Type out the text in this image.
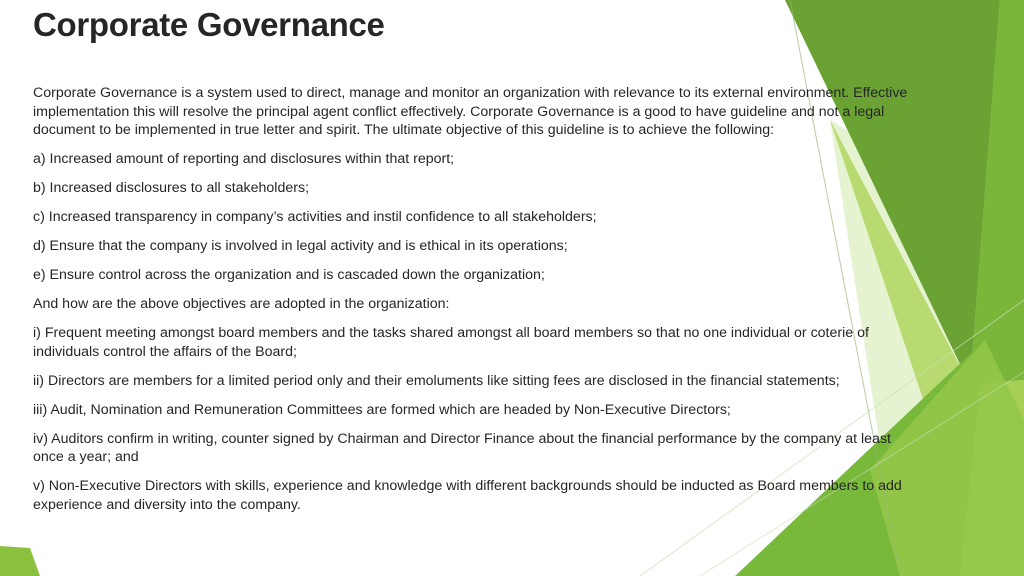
Corporate Governance

Corporate Governance is a system used to direct, manage and monitor an organization with relevance to its external environment. Effective implementation this will resolve the principal agent conflict effectively. Corporate Governance is a good to have guideline and not a legal document to be implemented in true letter and spirit. The ultimate objective of this guideline is to achieve the following:

a) Increased amount of reporting and disclosures within that report;

b) Increased disclosures to all stakeholders;

c) Increased transparency in company’s activities and instil confidence to all stakeholders;

d) Ensure that the company is involved in legal activity and is ethical in its operations;

e) Ensure control across the organization and is cascaded down the organization;

And how are the above objectives are adopted in the organization:

i) Frequent meeting amongst board members and the tasks shared amongst all board members so that no one individual or coterie of individuals control the affairs of the Board;

ii) Directors are members for a limited period only and their emoluments like sitting fees are disclosed in the financial statements;

iii) Audit, Nomination and Remuneration Committees are formed which are headed by Non-Executive Directors;

iv) Auditors confirm in writing, counter signed by Chairman and Director Finance about the financial performance by the company at least once a year; and

v) Non-Executive Directors with skills, experience and knowledge with different backgrounds should be inducted as Board members to add experience and diversity into the company.
